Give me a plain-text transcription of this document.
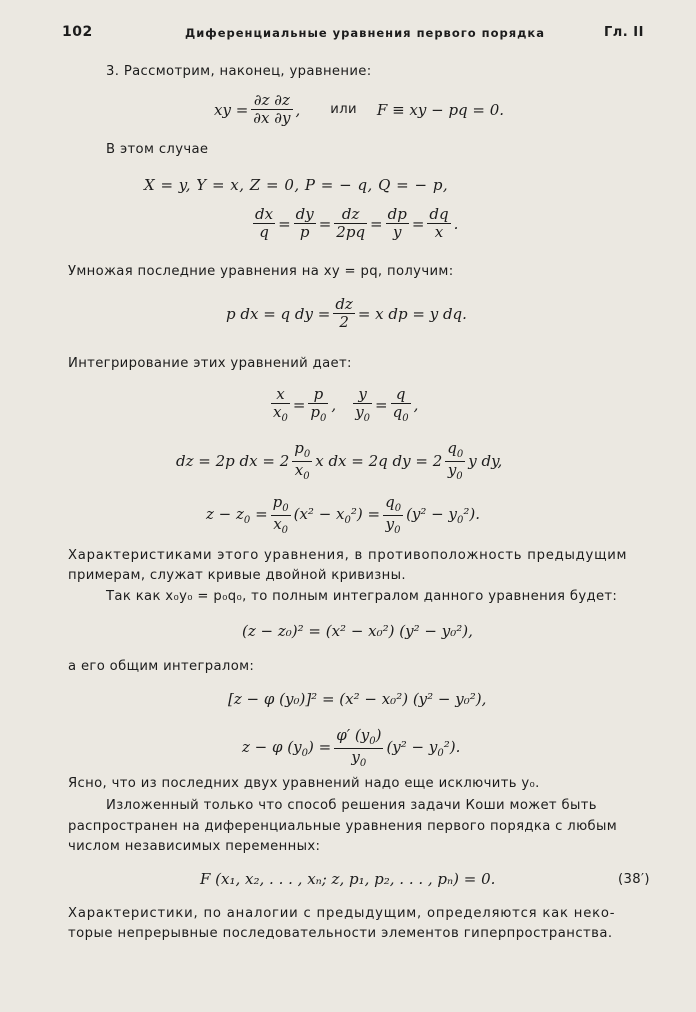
102	Диференциальные уравнения первого порядка	Гл. II
3. Рассмотрим, наконец, уравнение:
xy = $\frac{\partial z \partial z}{\partial x \partial y}$ , или F ≡ xy − pq = 0.
В этом случае
X = y, Y = x, Z = 0, P = − q, Q = − p,
$\frac{dx}{q} = \frac{dy}{p} = \frac{dz}{2pq} = \frac{dp}{y} = \frac{dq}{x}$ .
Умножая последние уравнения на xy = pq, получим:
p dx = q dy = $\frac{dz}{2} = x$ dp = y dq.
Интегрирование этих уравнений дает:
$\frac{x}{x_0} = \frac{p}{p_0}$ , $\frac{y}{y_0} = \frac{q}{q_0}$ ,
dz = 2p dx = $2 \frac{p_0}{x_0}$ x dx = 2q dy = $2 \frac{q_0}{y_0}$ y dy,
$z - z_0 = \frac{p_0}{x_0} (x^2 - x_0^2) = \frac{q_0}{y_0} (y^2 - y_0^2)$.
Характеристиками этого уравнения, в противоположность предыдущим
примерам, служат кривые двойной кривизны.
Так как x₀y₀ = p₀q₀, то полным интегралом данного уравнения будет:
(z − z₀)² = (x² − x₀²) (y² − y₀²),
а его общим интегралом:
[z − φ (y₀)]² = (x² − x₀²) (y² − y₀²),
z − φ $(y_0) = \frac{\varphi' (y_0)}{y_0} (y^2 - y_0^2)$.
Ясно, что из последних двух уравнений надо еще исключить y₀.
Изложенный только что способ решения задачи Коши может быть
распространен на диференциальные уравнения первого порядка с любым
числом независимых переменных:
F (x₁, x₂, . . . , xₙ; z, p₁, p₂, . . . , pₙ) = 0.	(38′)
Характеристики, по аналогии с предыдущим, определяются как неко-
торые непрерывные последовательности элементов гиперпространства.
